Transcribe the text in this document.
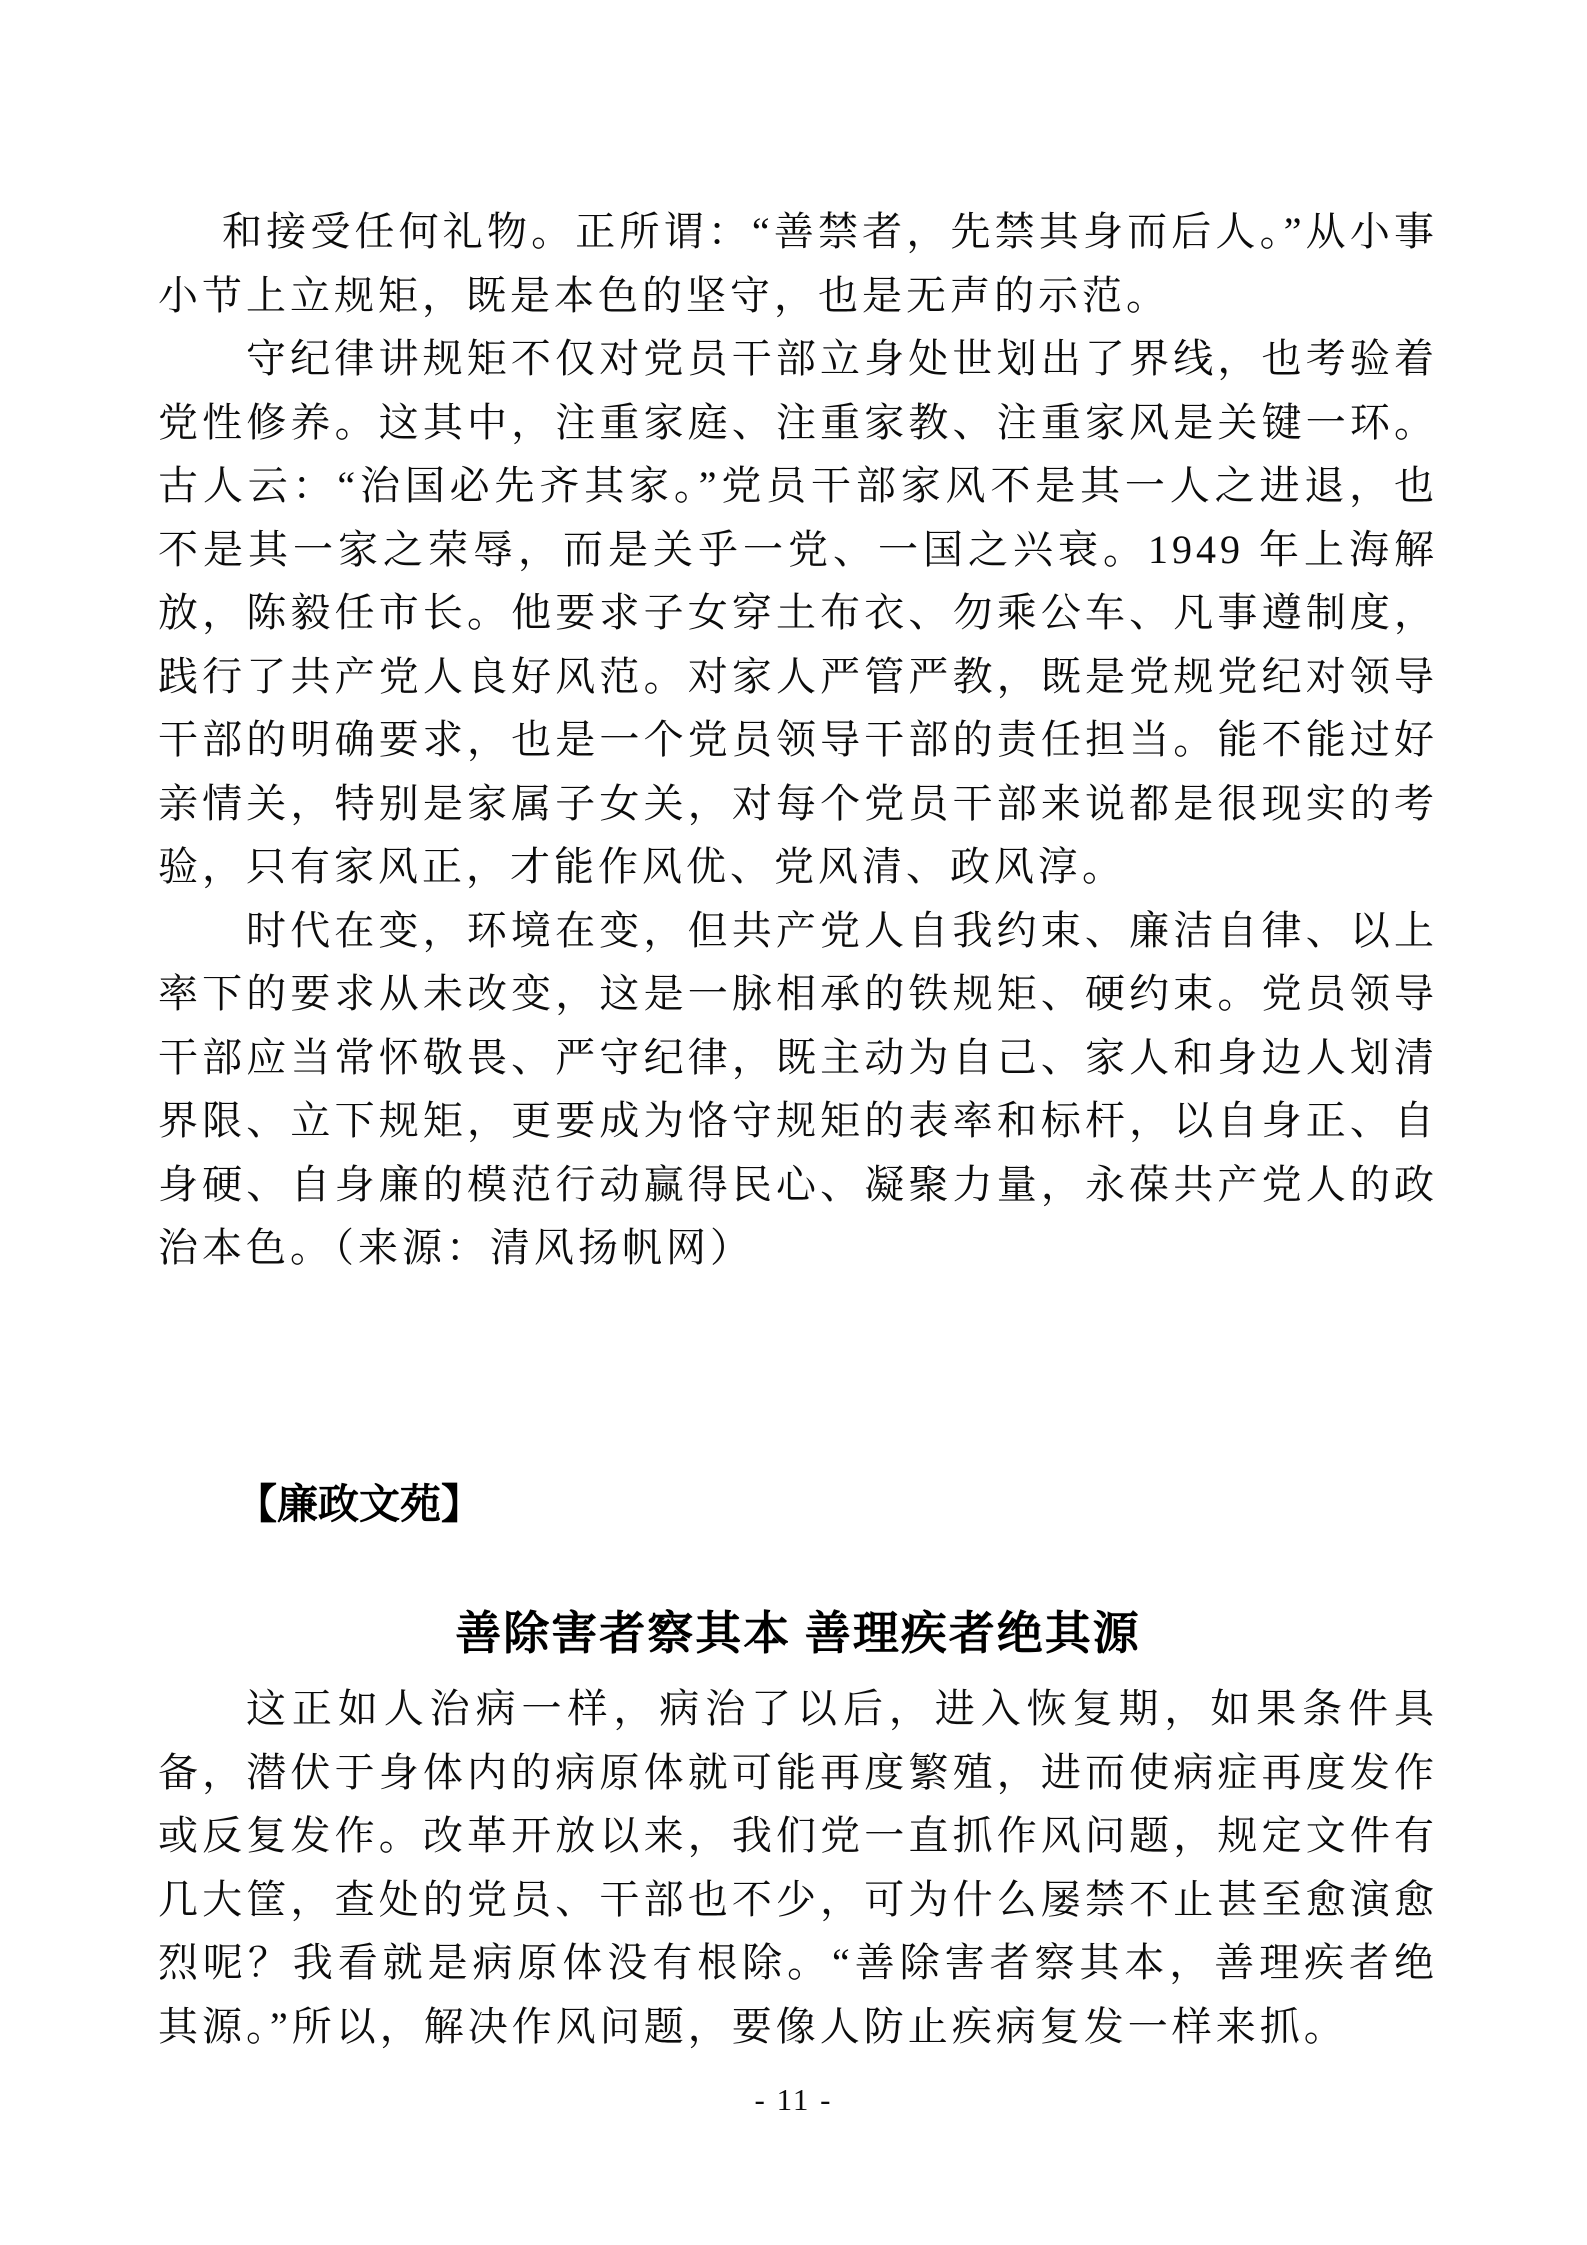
和接受任何礼物。正所谓：“善禁者，先禁其身而后人。”从小事小节上立规矩，既是本色的坚守，也是无声的示范。

守纪律讲规矩不仅对党员干部立身处世划出了界线，也考验着党性修养。这其中，注重家庭、注重家教、注重家风是关键一环。古人云：“治国必先齐其家。”党员干部家风不是其一人之进退，也不是其一家之荣辱，而是关乎一党、一国之兴衰。1949 年上海解放，陈毅任市长。他要求子女穿土布衣、勿乘公车、凡事遵制度，践行了共产党人良好风范。对家人严管严教，既是党规党纪对领导干部的明确要求，也是一个党员领导干部的责任担当。能不能过好亲情关，特别是家属子女关，对每个党员干部来说都是很现实的考验，只有家风正，才能作风优、党风清、政风淳。

时代在变，环境在变，但共产党人自我约束、廉洁自律、以上率下的要求从未改变，这是一脉相承的铁规矩、硬约束。党员领导干部应当常怀敬畏、严守纪律，既主动为自己、家人和身边人划清界限、立下规矩，更要成为恪守规矩的表率和标杆，以自身正、自身硬、自身廉的模范行动赢得民心、凝聚力量，永葆共产党人的政治本色。（来源：清风扬帆网）

【廉政文苑】
善除害者察其本 善理疾者绝其源

这正如人治病一样，病治了以后，进入恢复期，如果条件具备，潜伏于身体内的病原体就可能再度繁殖，进而使病症再度发作或反复发作。改革开放以来，我们党一直抓作风问题，规定文件有几大筐，查处的党员、干部也不少，可为什么屡禁不止甚至愈演愈烈呢？我看就是病原体没有根除。“善除害者察其本，善理疾者绝其源。”所以，解决作风问题，要像人防止疾病复发一样来抓。

- 11 -
